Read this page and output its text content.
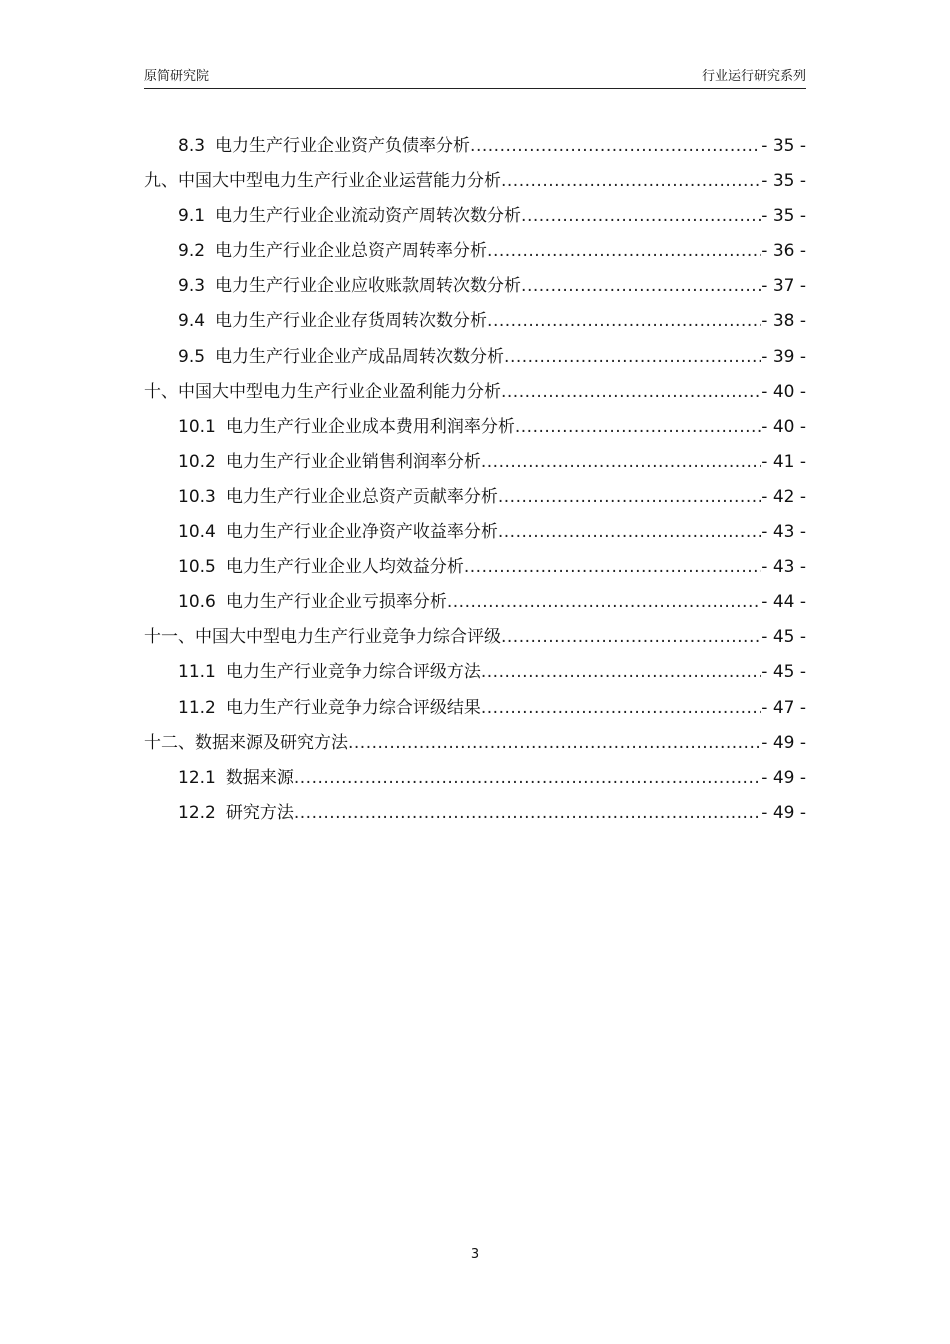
原简研究院	行业运行研究系列
8.3 电力生产行业企业资产负债率分析 .....	- 35 -
九、中国大中型电力生产行业企业运营能力分析 .....	- 35 -
9.1 电力生产行业企业流动资产周转次数分析 .....	- 35 -
9.2 电力生产行业企业总资产周转率分析 .....	- 36 -
9.3 电力生产行业企业应收账款周转次数分析 .....	- 37 -
9.4 电力生产行业企业存货周转次数分析 .....	- 38 -
9.5 电力生产行业企业产成品周转次数分析 .....	- 39 -
十、中国大中型电力生产行业企业盈利能力分析 .....	- 40 -
10.1 电力生产行业企业成本费用利润率分析 .....	- 40 -
10.2 电力生产行业企业销售利润率分析 .....	- 41 -
10.3 电力生产行业企业总资产贡献率分析 .....	- 42 -
10.4 电力生产行业企业净资产收益率分析 .....	- 43 -
10.5 电力生产行业企业人均效益分析 .....	- 43 -
10.6 电力生产行业企业亏损率分析 .....	- 44 -
十一、中国大中型电力生产行业竞争力综合评级 .....	- 45 -
11.1 电力生产行业竞争力综合评级方法 .....	- 45 -
11.2 电力生产行业竞争力综合评级结果 .....	- 47 -
十二、数据来源及研究方法 .....	- 49 -
12.1 数据来源 .....	- 49 -
12.2 研究方法 .....	- 49 -
3
